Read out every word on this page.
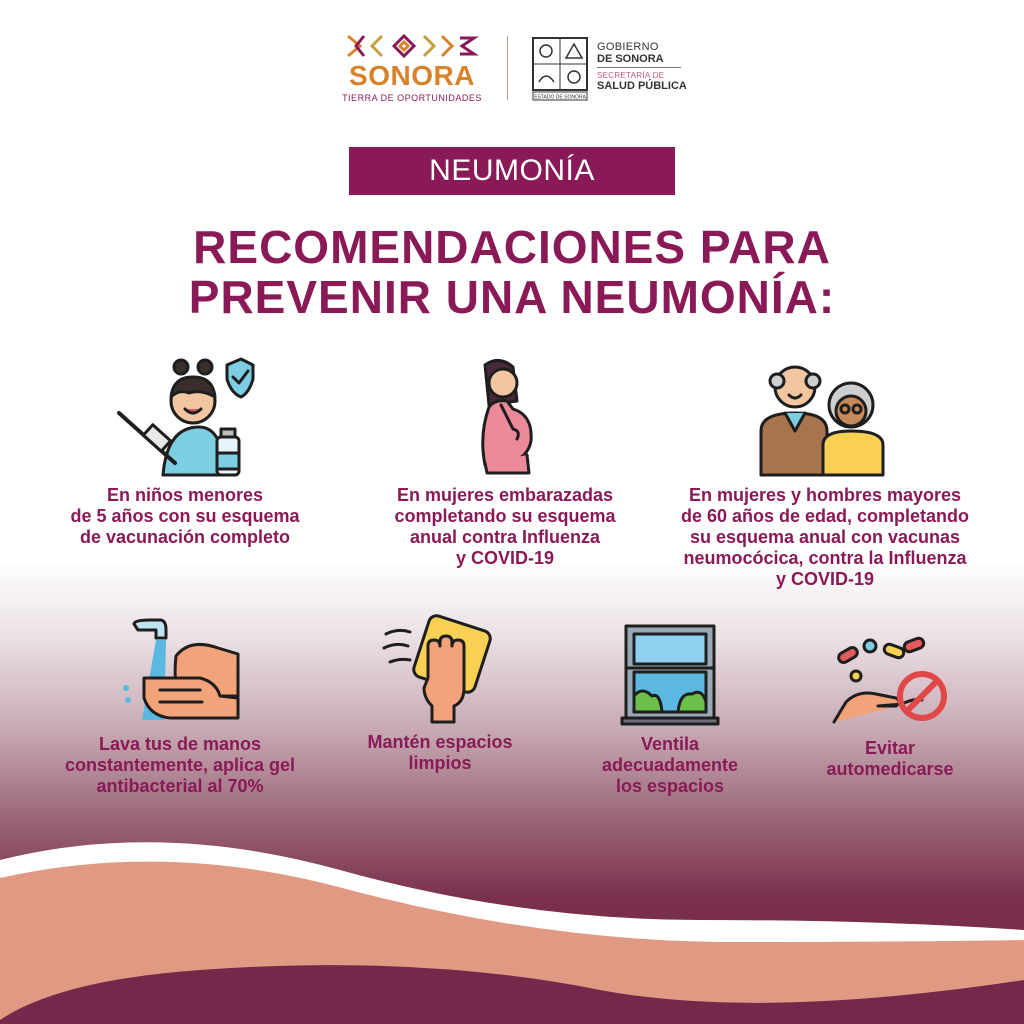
SONORA
TIERRA DE OPORTUNIDADES	ESTADO DE SONORA
GOBIERNO
DE SONORA
SECRETARÍA DE
SALUD PÚBLICA
NEUMONÍA
RECOMENDACIONES PARA
PREVENIR UNA NEUMONÍA:
En niños menores
de 5 años con su esquema
de vacunación completo
En mujeres embarazadas
completando su esquema
anual contra Influenza
y COVID-19
En mujeres y hombres mayores
de 60 años de edad, completando
su esquema anual con vacunas
neumocócica, contra la Influenza
y COVID-19
Lava tus de manos
constantemente, aplica gel
antibacterial al 70%
Mantén espacios
limpios
Ventila
adecuadamente
los espacios
Evitar
automedicarse
